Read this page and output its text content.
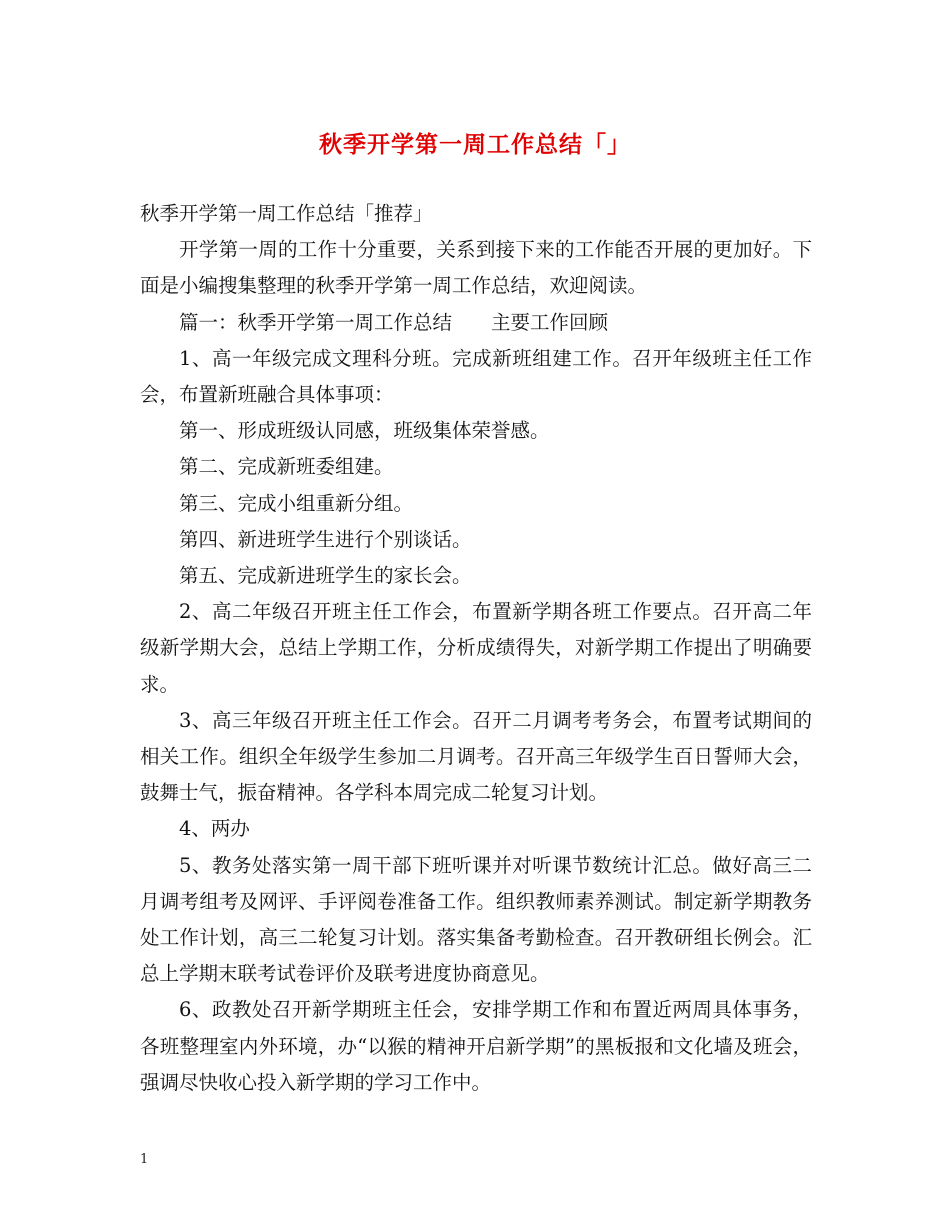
秋季开学第一周工作总结「」

秋季开学第一周工作总结「推荐」

开学第一周的工作十分重要，关系到接下来的工作能否开展的更加好。下面是小编搜集整理的秋季开学第一周工作总结，欢迎阅读。

篇一：秋季开学第一周工作总结　　主要工作回顾

1、高一年级完成文理科分班。完成新班组建工作。召开年级班主任工作会，布置新班融合具体事项：

第一、形成班级认同感，班级集体荣誉感。

第二、完成新班委组建。

第三、完成小组重新分组。

第四、新进班学生进行个别谈话。

第五、完成新进班学生的家长会。

2、高二年级召开班主任工作会，布置新学期各班工作要点。召开高二年级新学期大会，总结上学期工作，分析成绩得失，对新学期工作提出了明确要求。

3、高三年级召开班主任工作会。召开二月调考考务会，布置考试期间的相关工作。组织全年级学生参加二月调考。召开高三年级学生百日誓师大会，鼓舞士气，振奋精神。各学科本周完成二轮复习计划。

4、两办

5、教务处落实第一周干部下班听课并对听课节数统计汇总。做好高三二月调考组考及网评、手评阅卷准备工作。组织教师素养测试。制定新学期教务处工作计划，高三二轮复习计划。落实集备考勤检查。召开教研组长例会。汇总上学期末联考试卷评价及联考进度协商意见。

6、政教处召开新学期班主任会，安排学期工作和布置近两周具体事务，各班整理室内外环境，办“以猴的精神开启新学期”的黑板报和文化墙及班会，强调尽快收心投入新学期的学习工作中。

1
